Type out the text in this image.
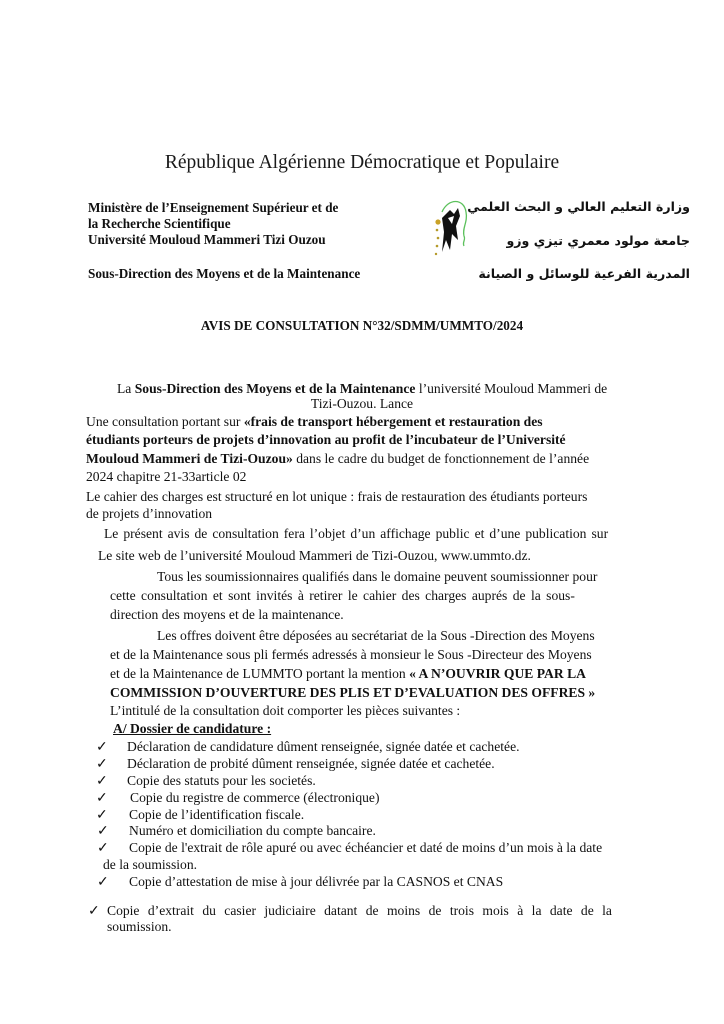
République Algérienne Démocratique et Populaire
Ministère de l’Enseignement Supérieur et de
la Recherche Scientifique
Université Mouloud Mammeri Tizi Ouzou
Sous-Direction des Moyens et de la Maintenance
وزارة التعليم العالي و البحث العلمي
جامعة مولود معمري تيزي وزو
المدرية الفرعية للوسائل و الصيانة
AVIS DE CONSULTATION N°32/SDMM/UMMTO/2024
La Sous-Direction des Moyens et de la Maintenance l’université Mouloud Mammeri de
Tizi-Ouzou. Lance
Une consultation portant sur «frais de transport hébergement et restauration des
étudiants porteurs de projets d’innovation au profit de l’incubateur de l’Université
Mouloud Mammeri de Tizi-Ouzou» dans le cadre du budget de fonctionnement de l’année
2024 chapitre 21-33article 02
Le cahier des charges est structuré en lot unique : frais de restauration des étudiants porteurs
de projets d’innovation
Le présent avis de consultation fera l’objet d’un affichage public et d’une publication sur
Le site web de l’université Mouloud Mammeri de Tizi-Ouzou, www.ummto.dz.
Tous les soumissionnaires qualifiés dans le domaine peuvent soumissionner pour
cette consultation et sont invités à retirer le cahier des charges auprés de la sous-
direction des moyens et de la maintenance.
Les offres doivent être déposées au secrétariat de la Sous -Direction des Moyens
et de la Maintenance sous pli fermés adressés à monsieur le Sous -Directeur des Moyens
et de la Maintenance de LUMMTO portant la mention « A N’OUVRIR QUE PAR LA
COMMISSION D’OUVERTURE DES PLIS ET D’EVALUATION DES OFFRES »
L’intitulé de la consultation doit comporter les pièces suivantes :
A/ Dossier de candidature :
✓ Déclaration de candidature dûment renseignée, signée datée et cachetée.
✓ Déclaration de probité dûment renseignée, signée datée et cachetée.
✓ Copie des statuts pour les societés.
✓ Copie du registre de commerce (électronique)
✓ Copie de l’identification fiscale.
✓ Numéro et domiciliation du compte bancaire.
✓ Copie de l'extrait de rôle apuré ou avec échéancier et daté de moins d’un mois à la date
de la soumission.
✓ Copie d’attestation de mise à jour délivrée par la CASNOS et CNAS
✓ Copie d’extrait du casier judiciaire datant de moins de trois mois à la date de la
soumission.
